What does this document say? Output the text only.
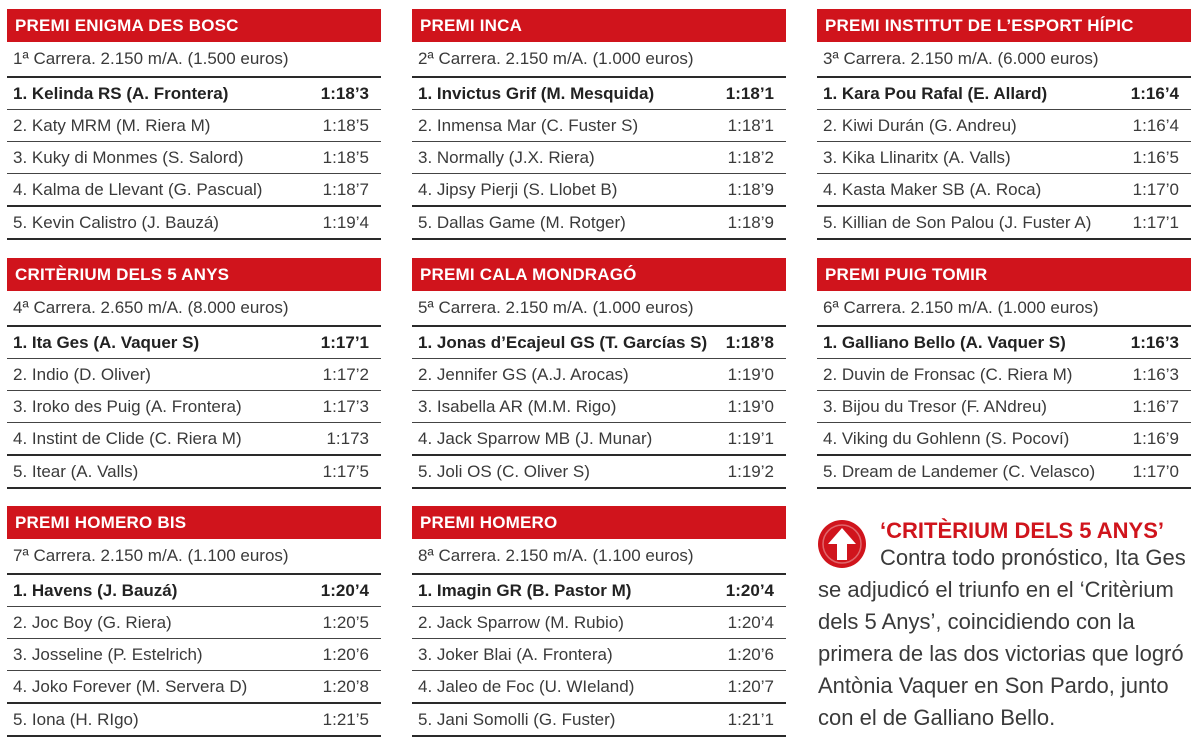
PREMI ENIGMA DES BOSC
1ª Carrera. 2.150 m/A. (1.500 euros)
1. Kelinda RS (A. Frontera)	1:18’3
2. Katy MRM (M. Riera M)	1:18’5
3. Kuky di Monmes (S. Salord)	1:18’5
4. Kalma de Llevant (G. Pascual)	1:18’7
5. Kevin Calistro (J. Bauzá)	1:19’4
PREMI INCA
2ª Carrera. 2.150 m/A. (1.000 euros)
1. Invictus Grif (M. Mesquida)	1:18’1
2. Inmensa Mar (C. Fuster S)	1:18’1
3. Normally (J.X. Riera)	1:18’2
4. Jipsy Pierji (S. Llobet B)	1:18’9
5. Dallas Game (M. Rotger)	1:18’9
PREMI INSTITUT DE L’ESPORT HÍPIC
3ª Carrera. 2.150 m/A. (6.000 euros)
1. Kara Pou Rafal (E. Allard)	1:16’4
2. Kiwi Durán (G. Andreu)	1:16’4
3. Kika Llinaritx (A. Valls)	1:16’5
4. Kasta Maker SB (A. Roca)	1:17’0
5. Killian de Son Palou (J. Fuster A) 1:17’1
CRITÈRIUM DELS 5 ANYS
4ª Carrera. 2.650 m/A. (8.000 euros)
1. Ita Ges (A. Vaquer S)	1:17’1
2. Indio (D. Oliver)	1:17’2
3. Iroko des Puig (A. Frontera)	1:17’3
4. Instint de Clide (C. Riera M)	1:173
5. Itear (A. Valls)	1:17’5
PREMI CALA MONDRAGÓ
5ª Carrera. 2.150 m/A. (1.000 euros)
1. Jonas d’Ecajeul GS (T. Garcías S) 1:18’8
2. Jennifer GS (A.J. Arocas)	1:19’0
3. Isabella AR (M.M. Rigo)	1:19’0
4. Jack Sparrow MB (J. Munar)	1:19’1
5. Joli OS (C. Oliver S)	1:19’2
PREMI PUIG TOMIR
6ª Carrera. 2.150 m/A. (1.000 euros)
1. Galliano Bello (A. Vaquer S)	1:16’3
2. Duvin de Fronsac (C. Riera M)	1:16’3
3. Bijou du Tresor (F. ANdreu)	1:16’7
4. Viking du Gohlenn (S. Pocoví)	1:16’9
5. Dream de Landemer (C. Velasco) 1:17’0
PREMI HOMERO BIS
7ª Carrera. 2.150 m/A. (1.100 euros)
1. Havens (J. Bauzá)	1:20’4
2. Joc Boy (G. Riera)	1:20’5
3. Josseline (P. Estelrich)	1:20’6
4. Joko Forever (M. Servera D)	1:20’8
5. Iona (H. RIgo)	1:21’5
PREMI HOMERO
8ª Carrera. 2.150 m/A. (1.100 euros)
1. Imagin GR (B. Pastor M)	1:20’4
2. Jack Sparrow (M. Rubio)	1:20’4
3. Joker Blai (A. Frontera)	1:20’6
4. Jaleo de Foc (U. WIeland)	1:20’7
5. Jani Somolli (G. Fuster)	1:21’1
‘CRITÈRIUM DELS 5 ANYS’
Contra todo pronóstico, Ita Ges se adjudicó el triunfo en el ‘Critèrium dels 5 Anys’, coincidiendo con la primera de las dos victorias que logró Antònia Vaquer en Son Pardo, junto con el de Galliano Bello.
